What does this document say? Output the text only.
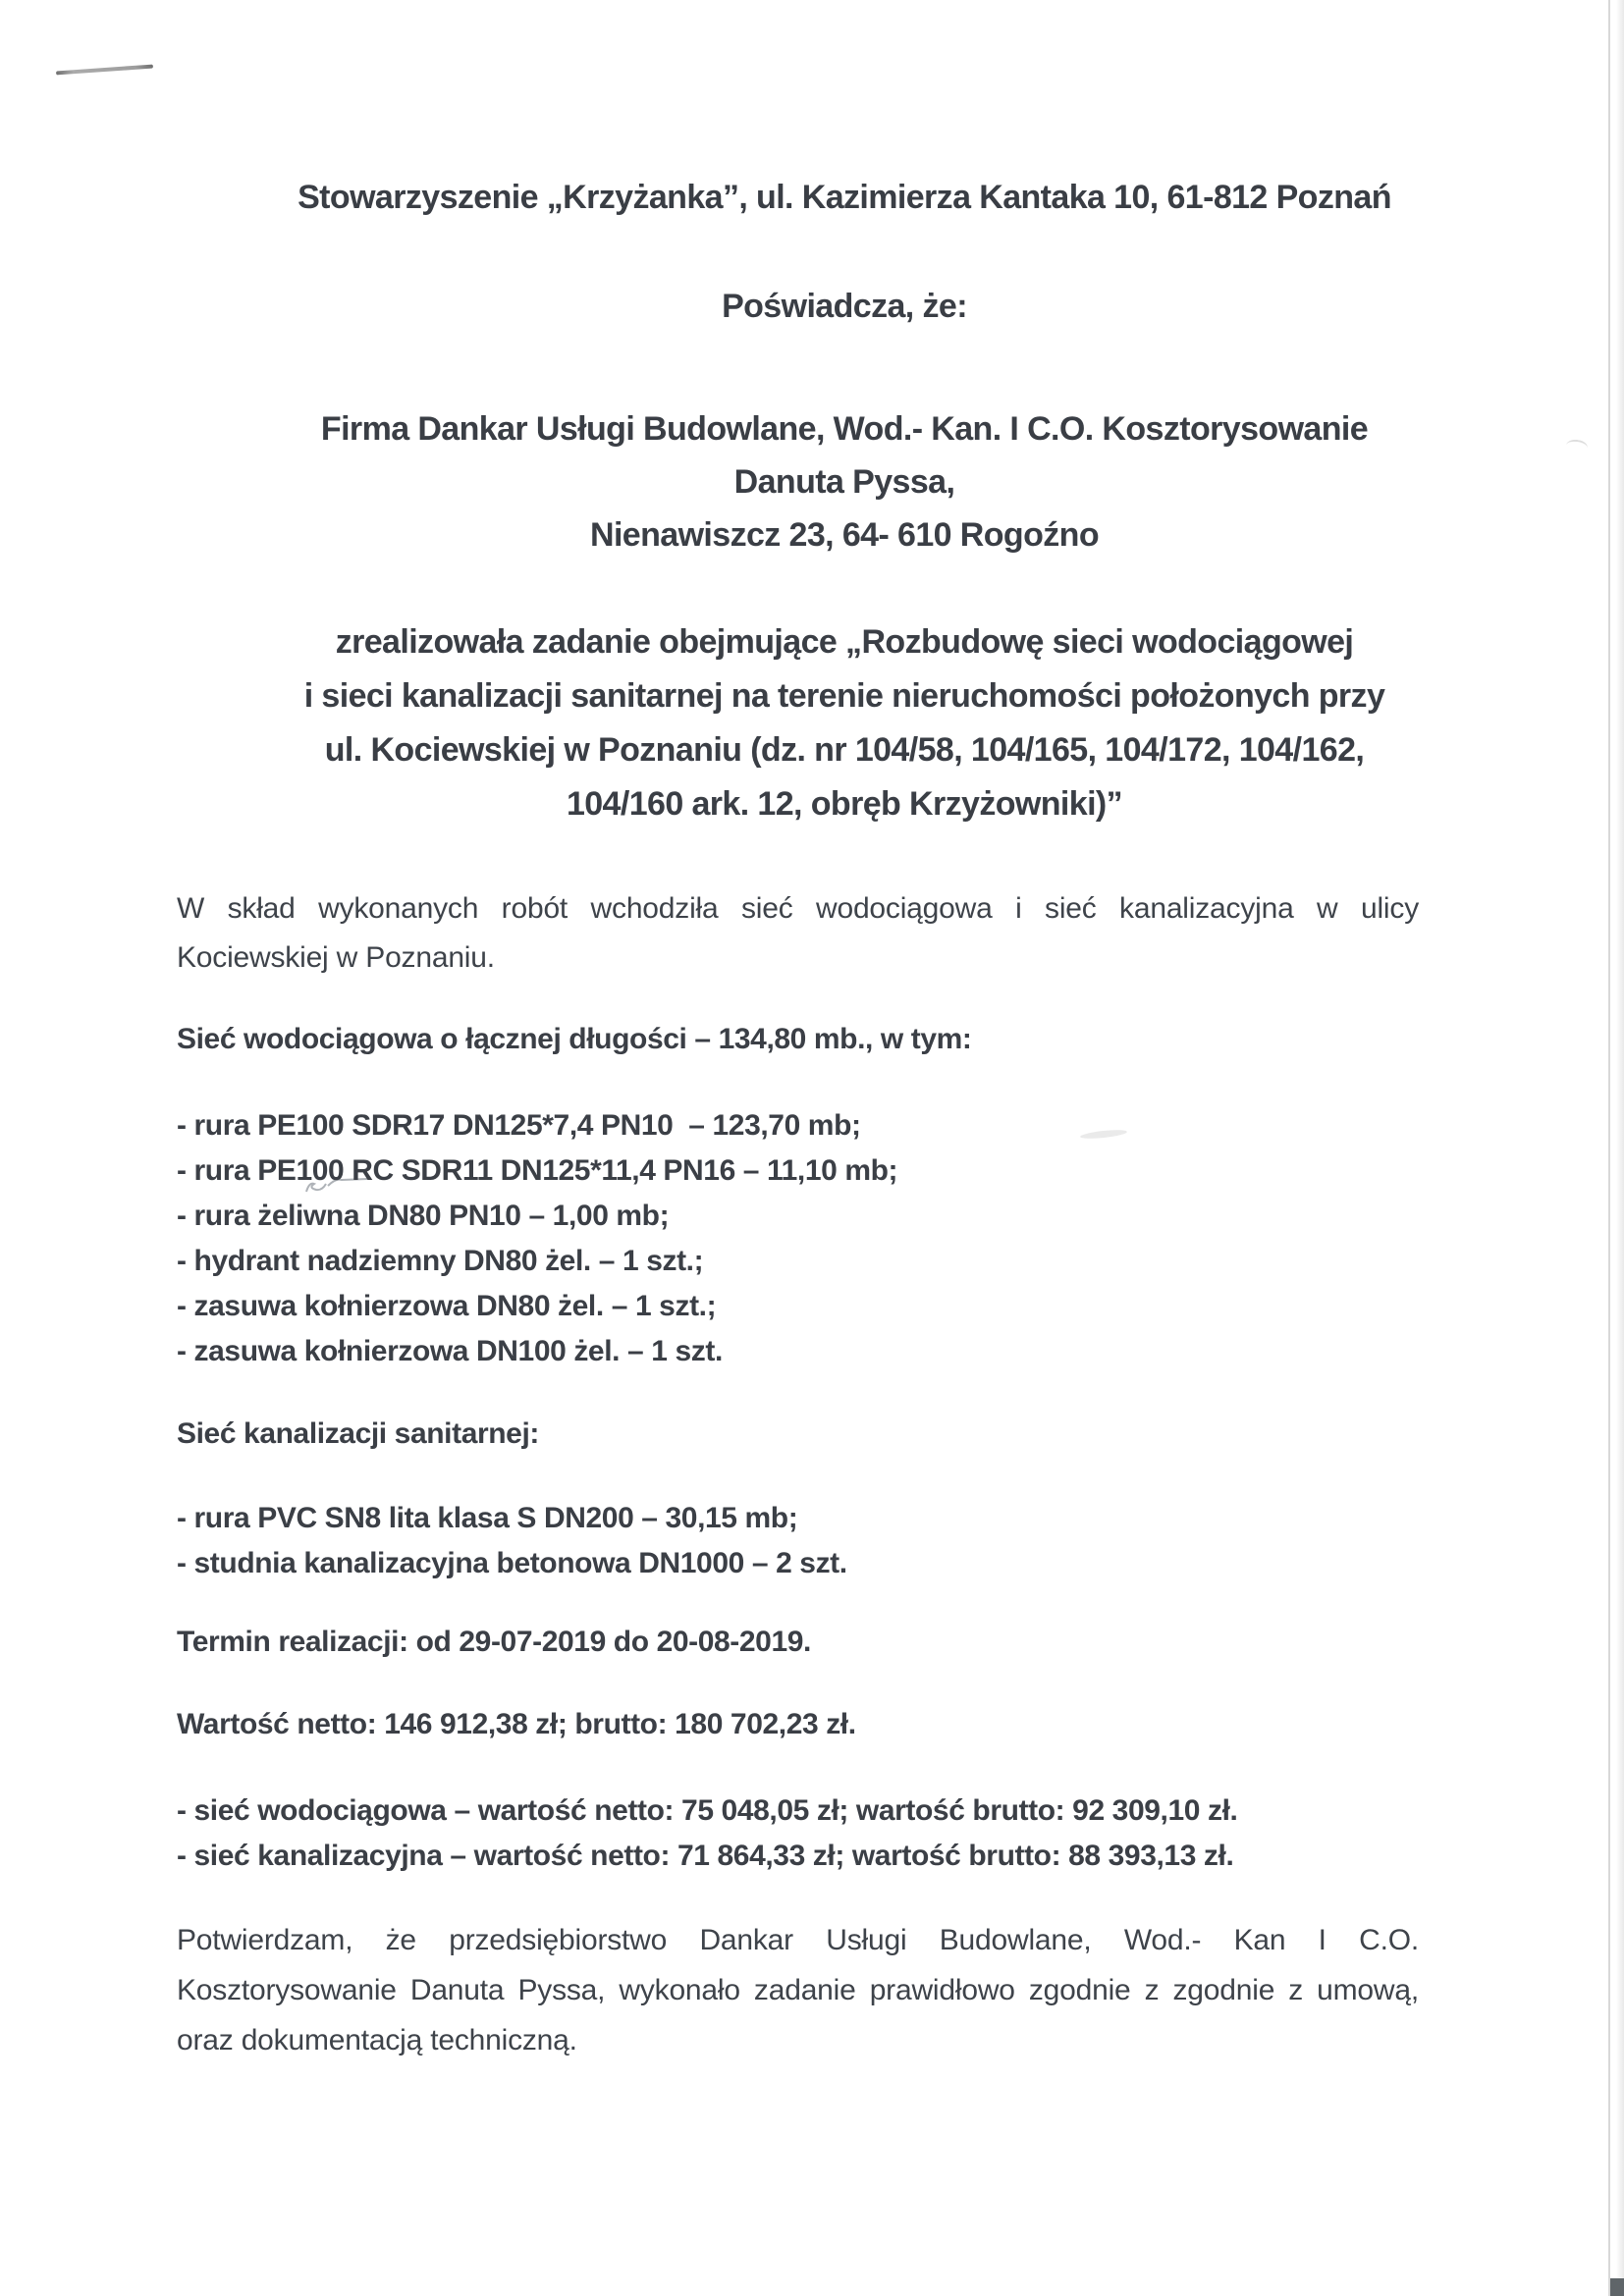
Stowarzyszenie „Krzyżanka”, ul. Kazimierza Kantaka 10, 61-812 Poznań
Poświadcza, że:
Firma Dankar Usługi Budowlane, Wod.- Kan. I C.O. Kosztorysowanie
Danuta Pyssa,
Nienawiszcz 23, 64- 610 Rogoźno
zrealizowała zadanie obejmujące „Rozbudowę sieci wodociągowej
i sieci kanalizacji sanitarnej na terenie nieruchomości położonych przy
ul. Kociewskiej w Poznaniu (dz. nr 104/58, 104/165, 104/172, 104/162,
104/160 ark. 12, obręb Krzyżowniki)”
W skład wykonanych robót wchodziła sieć wodociągowa i sieć kanalizacyjna w ulicy
Kociewskiej w Poznaniu.
Sieć wodociągowa o łącznej długości – 134,80 mb., w tym:
- rura PE100 SDR17 DN125*7,4 PN10  – 123,70 mb;
- rura PE100 RC SDR11 DN125*11,4 PN16 – 11,10 mb;
- rura żeliwna DN80 PN10 – 1,00 mb;
- hydrant nadziemny DN80 żel. – 1 szt.;
- zasuwa kołnierzowa DN80 żel. – 1 szt.;
- zasuwa kołnierzowa DN100 żel. – 1 szt.
Sieć kanalizacji sanitarnej:
- rura PVC SN8 lita klasa S DN200 – 30,15 mb;
- studnia kanalizacyjna betonowa DN1000 – 2 szt.
Termin realizacji: od 29-07-2019 do 20-08-2019.
Wartość netto: 146 912,38 zł; brutto: 180 702,23 zł.
- sieć wodociągowa – wartość netto: 75 048,05 zł; wartość brutto: 92 309,10 zł.
- sieć kanalizacyjna – wartość netto: 71 864,33 zł; wartość brutto: 88 393,13 zł.
Potwierdzam, że przedsiębiorstwo Dankar Usługi Budowlane, Wod.- Kan I C.O.
Kosztorysowanie Danuta Pyssa, wykonało zadanie prawidłowo zgodnie z zgodnie z umową,
oraz dokumentacją techniczną.
